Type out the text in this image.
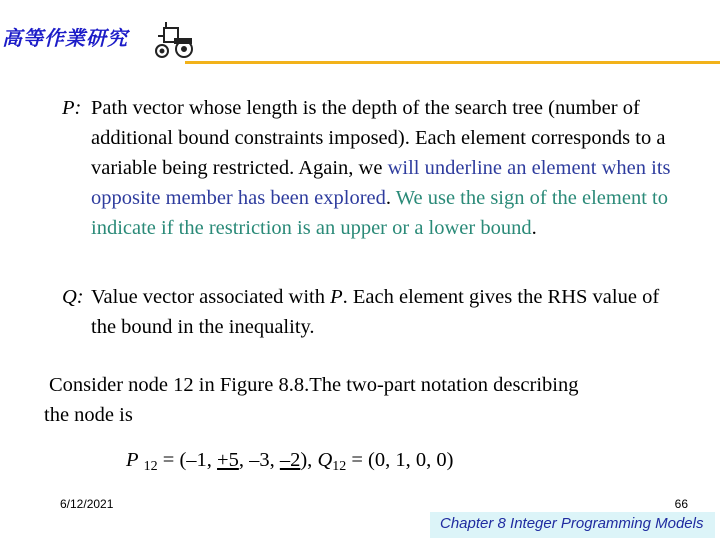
高等作業研究
P: Path vector whose length is the depth of the search tree (number of additional bound constraints imposed). Each element corresponds to a variable being restricted. Again, we will underline an element when its opposite member has been explored. We use the sign of the element to indicate if the restriction is an upper or a lower bound.
Q: Value vector associated with P. Each element gives the RHS value of the bound in the inequality.
Consider node 12 in Figure 8.8.The two-part notation describing
the node is
P $_{12}$ = (–1, +5, –3, –2), $Q_{12} = (0$, 1, 0, 0)
6/12/2021	66
Chapter 8 Integer Programming Models
